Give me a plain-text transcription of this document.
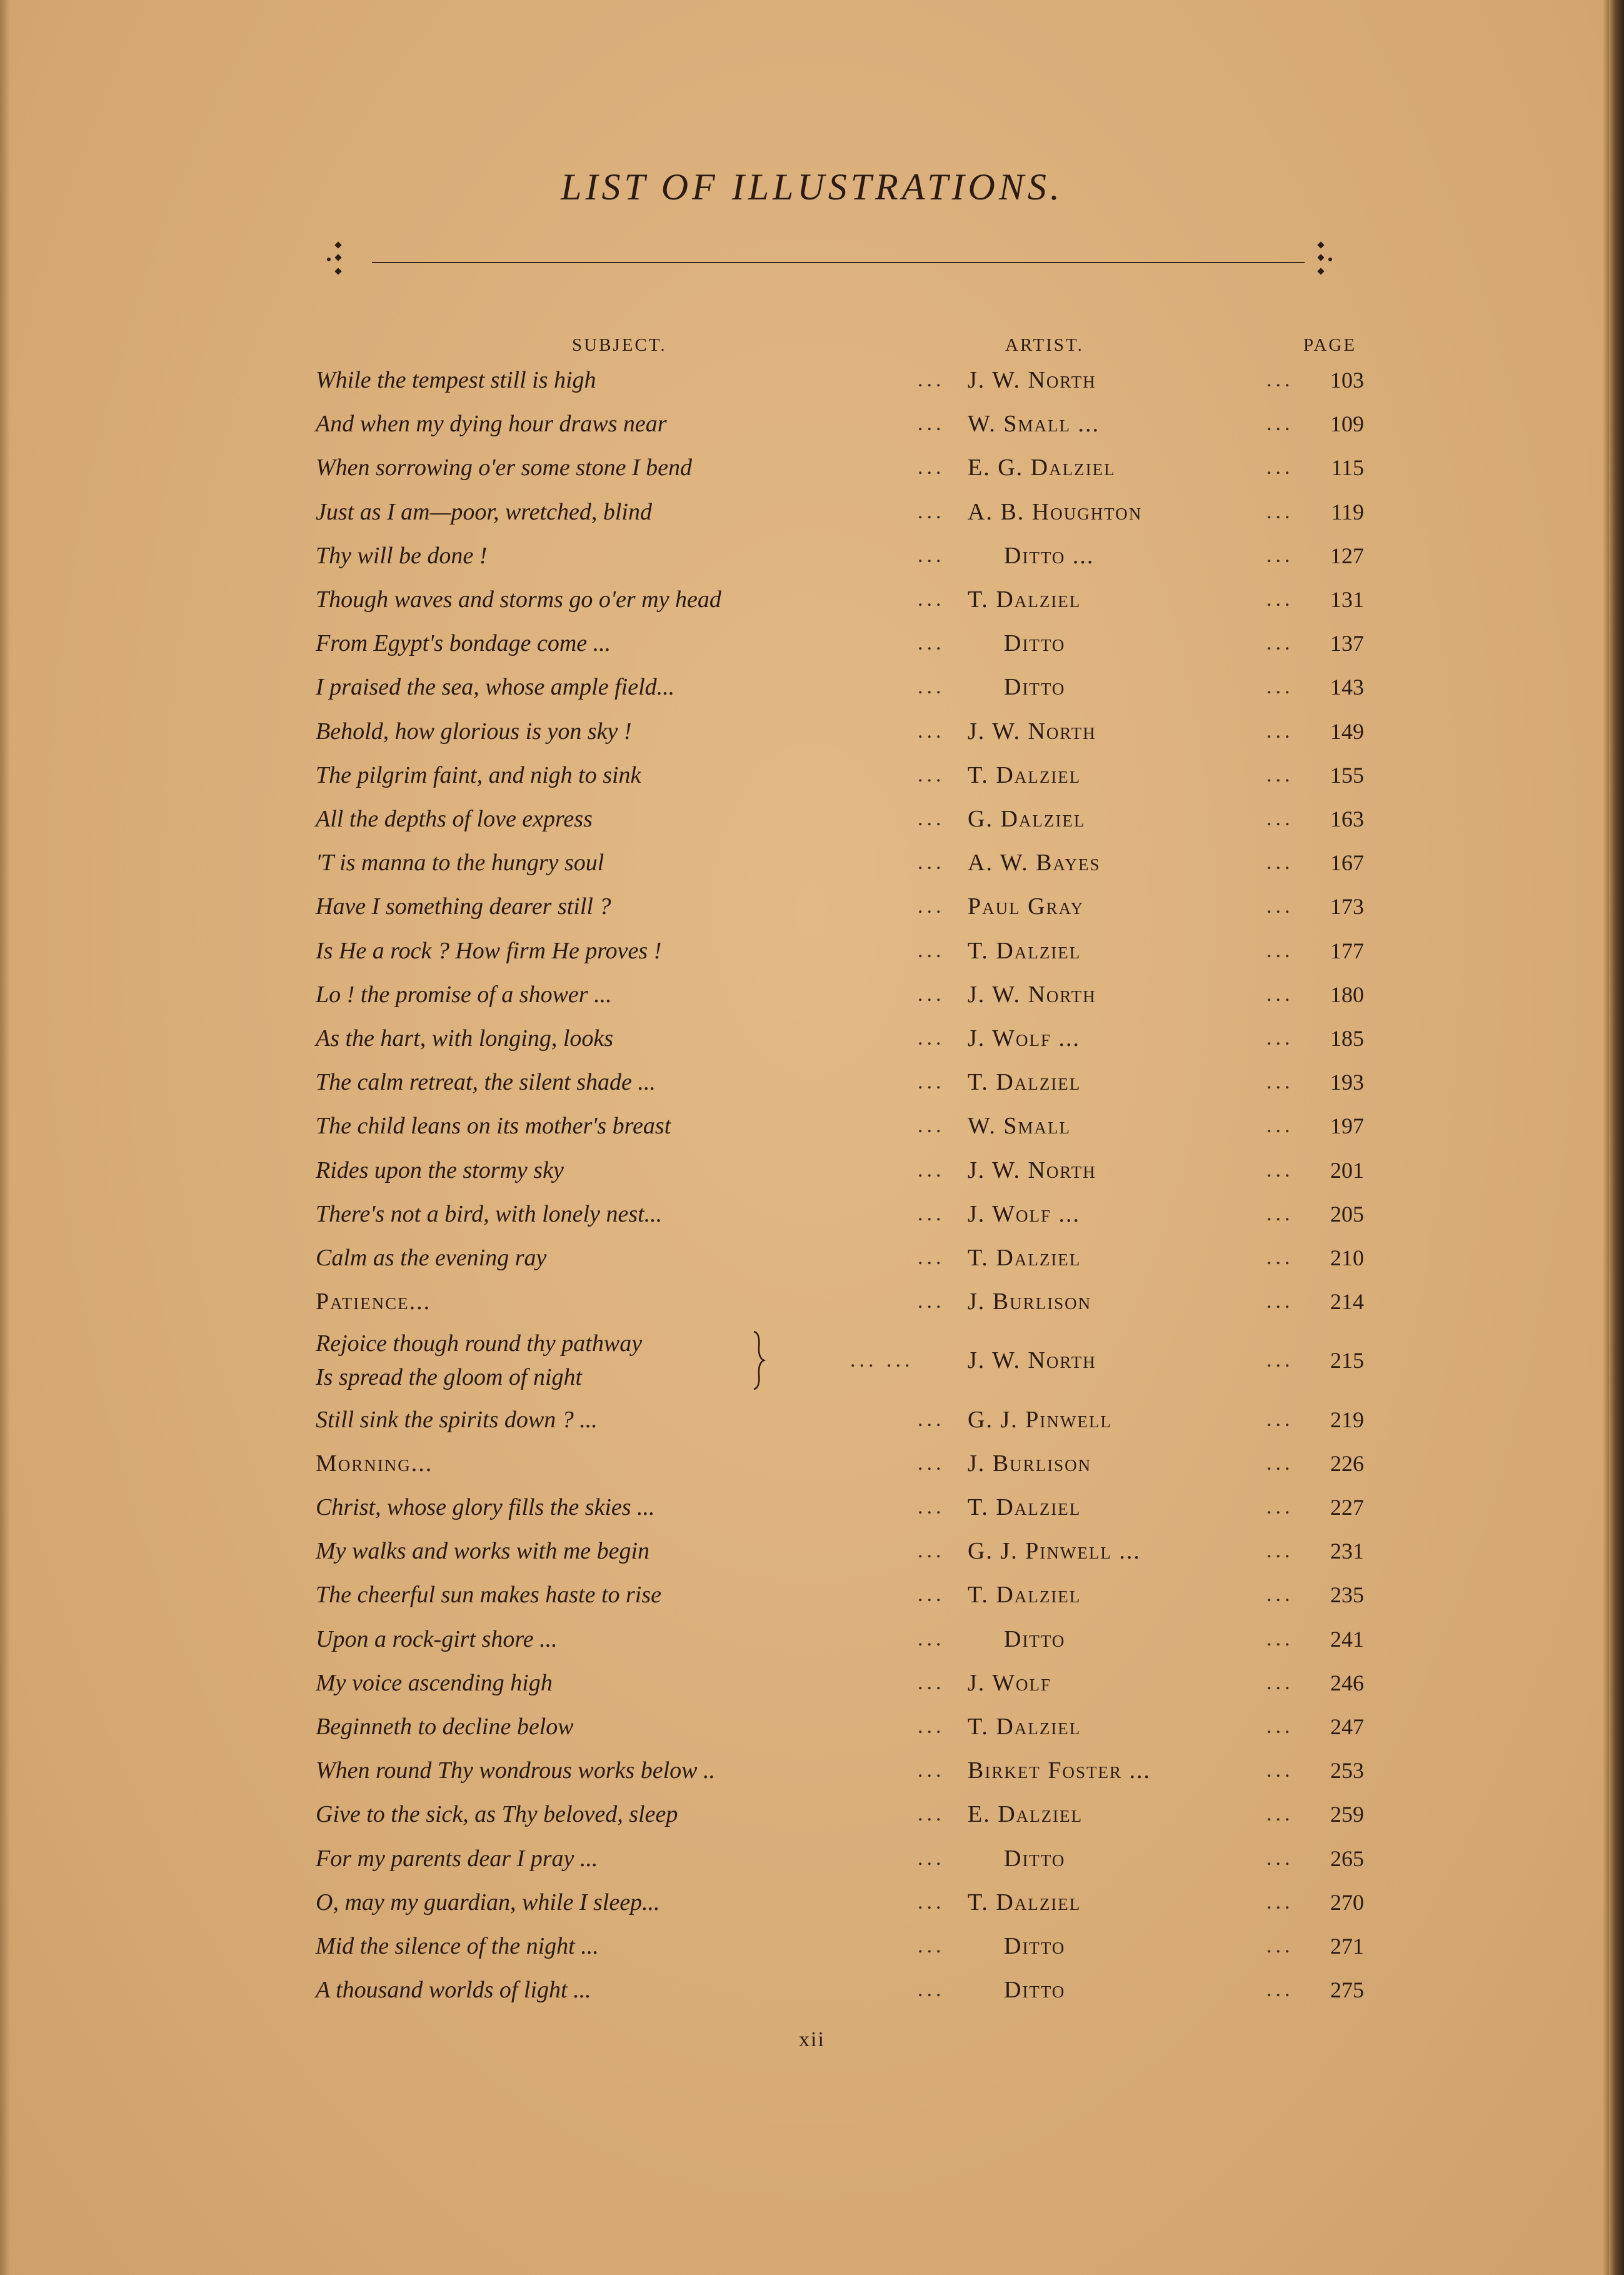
LIST OF ILLUSTRATIONS.
SUBJECT.	ARTIST.	PAGE
While the tempest still is high	... J. W. North	... 103
And when my dying hour draws near	... W. Small ...	... 109
When sorrowing o'er some stone I bend	... E. G. Dalziel	... 115
Just as I am—poor, wretched, blind	... A. B. Houghton	... 119
Thy will be done !	... Ditto ...	... 127
Though waves and storms go o'er my head	... T. Dalziel	... 131
From Egypt's bondage come ...	... Ditto	... 137
I praised the sea, whose ample field...	... Ditto	... 143
Behold, how glorious is yon sky !	... J. W. North	... 149
The pilgrim faint, and nigh to sink	... T. Dalziel	... 155
All the depths of love express	... G. Dalziel	... 163
'T is manna to the hungry soul	... A. W. Bayes	... 167
Have I something dearer still ?	... Paul Gray	... 173
Is He a rock ? How firm He proves !	... T. Dalziel	... 177
Lo ! the promise of a shower ...	... J. W. North	... 180
As the hart, with longing, looks	... J. Wolf ...	... 185
The calm retreat, the silent shade ...	... T. Dalziel	... 193
The child leans on its mother's breast	... W. Small	... 197
Rides upon the stormy sky	... J. W. North	... 201
There's not a bird, with lonely nest...	... J. Wolf ...	... 205
Calm as the evening ray	... T. Dalziel	... 210
Patience...	... J. Burlison	... 214
Rejoice though round thy pathway
Is spread the gloom of night
... ... J. W. North	... 215
Still sink the spirits down ? ...	... G. J. Pinwell	... 219
Morning...	... J. Burlison	... 226
Christ, whose glory fills the skies ...	... T. Dalziel	... 227
My walks and works with me begin	... G. J. Pinwell ...	... 231
The cheerful sun makes haste to rise	... T. Dalziel	... 235
Upon a rock-girt shore ...	... Ditto	... 241
My voice ascending high	... J. Wolf	... 246
Beginneth to decline below	... T. Dalziel	... 247
When round Thy wondrous works below ..	... Birket Foster ...	... 253
Give to the sick, as Thy beloved, sleep	... E. Dalziel	... 259
For my parents dear I pray ...	... Ditto	... 265
O, may my guardian, while I sleep...	... T. Dalziel	... 270
Mid the silence of the night ...	... Ditto	... 271
A thousand worlds of light ...	... Ditto	... 275
xii
